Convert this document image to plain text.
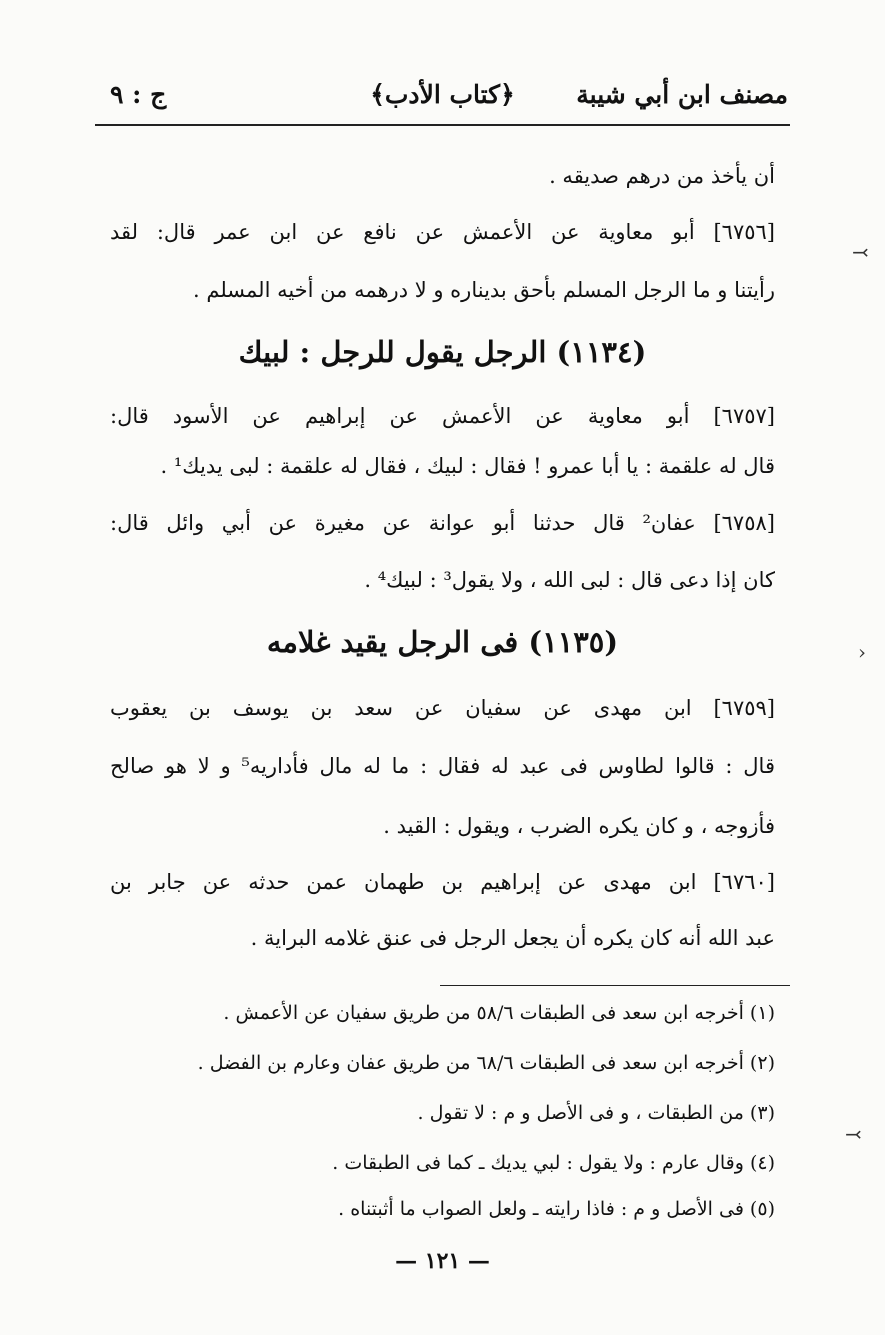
مصنف ابن أبي شيبة
﴿كتاب الأدب﴾
ج : ٩
أن يأخذ من درهم صديقه .
[٦٧٥٦] أبو معاوية عن الأعمش عن نافع عن ابن عمر قال: لقد
رأيتنا و ما الرجل المسلم بأحق بديناره و لا درهمه من أخيه المسلم .
(١١٣٤) الرجل يقول للرجل : لبيك
[٦٧٥٧] أبو معاوية عن الأعمش عن إبراهيم عن الأسود قال:
قال له علقمة : يا أبا عمرو ! فقال : لبيك ، فقال له علقمة : لبى يديك¹ .
[٦٧٥٨] عفان² قال حدثنا أبو عوانة عن مغيرة عن أبي وائل قال:
كان إذا دعى قال : لبى الله ، ولا يقول³ : لبيك⁴ .
(١١٣٥) فى الرجل يقيد غلامه
[٦٧٥٩] ابن مهدى عن سفيان عن سعد بن يوسف بن يعقوب
قال : قالوا لطاوس فى عبد له فقال : ما له مال فأداريه⁵ و لا هو صالح
فأزوجه ، و كان يكره الضرب ، ويقول : القيد .
[٦٧٦٠] ابن مهدى عن إبراهيم بن طهمان عمن حدثه عن جابر بن
عبد الله أنه كان يكره أن يجعل الرجل فى عنق غلامه البراية .
(١) أخرجه ابن سعد فى الطبقات ٥٨/٦ من طريق سفيان عن الأعمش .
(٢) أخرجه ابن سعد فى الطبقات ٦٨/٦ من طريق عفان وعارم بن الفضل .
(٣) من الطبقات ، و فى الأصل و م : لا تقول .
(٤) وقال عارم : ولا يقول : لبي يديك ـ كما فى الطبقات .
(٥) فى الأصل و م : فاذا رايته ـ ولعل الصواب ما أثبتناه .
— ١٢١ —
⤙
›
⤙
